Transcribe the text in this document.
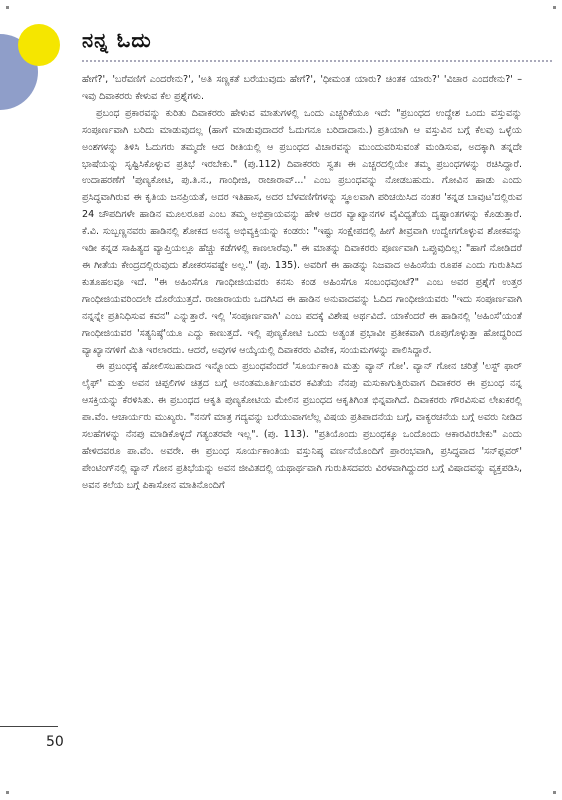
ನನ್ನ ಓದು

ಹೇಗೆ?', 'ಬರೆವಣಿಗೆ ಎಂದರೇನು?', 'ಅತಿ ಸಣ್ಣಕತೆ ಬರೆಯುವುದು ಹೇಗೆ?', 'ಧೀಮಂತ ಯಾರು? ಚಿಂತಕ ಯಾರು?' 'ವಿಚಾರ ಎಂದರೇನು?' – ಇವು ದಿವಾಕರರು ಕೇಳುವ ಕೆಲ ಪ್ರಶ್ನೆಗಳು.

ಪ್ರಬಂಧ ಪ್ರಕಾರವನ್ನು ಕುರಿತು ದಿವಾಕರರು ಹೇಳುವ ಮಾತುಗಳಲ್ಲಿ ಒಂದು ಎಚ್ಚರಿಕೆಯೂ ಇದೆ: "ಪ್ರಬಂಧದ ಉದ್ದೇಶ ಒಂದು ವಸ್ತುವನ್ನು ಸಂಪೂರ್ಣವಾಗಿ ಬರಿದು ಮಾಡುವುದಲ್ಲ (ಹಾಗೆ ಮಾಡುವುದಾದರೆ ಓದುಗನೂ ಬರಿದಾದಾನು.) ಪ್ರತಿಯಾಗಿ ಆ ವಸ್ತುವಿನ ಬಗ್ಗೆ ಕೆಲವು ಒಳ್ಳೆಯ ಅಂಶಗಳನ್ನು ತಿಳಿಸಿ ಓದುಗರು ತಮ್ಮದೇ ಆದ ರೀತಿಯಲ್ಲಿ ಆ ಪ್ರಬಂಧದ ವಿಚಾರವನ್ನು ಮುಂದುವರಿಸುವಂತೆ ಮಂಡಿಸುವ, ಅದಕ್ಕಾಗಿ ತನ್ನದೇ ಭಾಷೆಯನ್ನು ಸೃಷ್ಟಿಸಿಕೊಳ್ಳುವ ಪ್ರತಿಭೆ ಇರಬೇಕು." (ಪು.112) ದಿವಾಕರರು ಸ್ವತಃ ಈ ಎಚ್ಚರದಲ್ಲಿಯೇ ತಮ್ಮ ಪ್ರಬಂಧಗಳನ್ನು ರಚಿಸಿದ್ದಾರೆ. ಉದಾಹರಣೆಗೆ 'ಪುಣ್ಯಕೋಟಿ, ಪು.ತಿ.ನ., ಗಾಂಧೀಜಿ, ರಾಜಾರಾವ್...' ಎಂಬ ಪ್ರಬಂಧವನ್ನು ನೋಡಬಹುದು. ಗೋವಿನ ಹಾಡು ಎಂದು ಪ್ರಸಿದ್ಧವಾಗಿರುವ ಈ ಕೃತಿಯ ಜನಪ್ರಿಯತೆ, ಅದರ ಇತಿಹಾಸ, ಅದರ ಬೆಳವಣಿಗೆಗಳನ್ನು ಸ್ಥೂಲವಾಗಿ ಪರಿಚಯಿಸಿದ ನಂತರ 'ಕನ್ನಡ ಬಾವುಟ'ದಲ್ಲಿರುವ 24 ಚೌಪದಿಗಳೇ ಹಾಡಿನ ಮೂಲರೂಪ ಎಂಬ ತಮ್ಮ ಅಭಿಪ್ರಾಯವನ್ನು ಹೇಳಿ ಅದರ ವ್ಯಾಖ್ಯಾನಗಳ ವೈವಿಧ್ಯತೆಯ ದೃಷ್ಟಾಂತಗಳನ್ನು ಕೊಡುತ್ತಾರೆ. ಕೆ.ವಿ. ಸುಬ್ಬಣ್ಣನವರು ಹಾಡಿನಲ್ಲಿ ಶೋಕದ ಅನನ್ಯ ಅಭಿವ್ಯಕ್ತಿಯನ್ನು ಕಂಡರು: "ಇಷ್ಟು ಸಂಕ್ಷೇಪದಲ್ಲಿ ಹೀಗೆ ತೀವ್ರವಾಗಿ ಉದ್ವೇಗಗೊಳ್ಳುವ ಶೋಕವನ್ನು ಇಡೀ ಕನ್ನಡ ಸಾಹಿತ್ಯದ ವ್ಯಾಪ್ತಿಯಲ್ಲೂ ಹೆಚ್ಚು ಕಡೆಗಳಲ್ಲಿ ಕಾಣಲಾರೆವು." ಈ ಮಾತನ್ನು ದಿವಾಕರರು ಪೂರ್ಣವಾಗಿ ಒಪ್ಪುವುದಿಲ್ಲ: "ಹಾಗೆ ನೋಡಿದರೆ ಈ ಗೀತೆಯ ಕೇಂದ್ರದಲ್ಲಿರುವುದು ಶೋಕರಸವಷ್ಟೇ ಅಲ್ಲ." (ಪು. 135). ಅವರಿಗೆ ಈ ಹಾಡನ್ನು ನಿಜವಾದ ಅಹಿಂಸೆಯ ರೂಪಕ ಎಂದು ಗುರುತಿಸಿದ ಕುತೂಹಲವೂ ಇದೆ. "ಈ ಅಹಿಂಸೆಗೂ ಗಾಂಧೀಜಿಯವರು ಕನಸು ಕಂಡ ಅಹಿಂಸೆಗೂ ಸಂಬಂಧವುಂಟೆ?" ಎಂಬ ಅವರ ಪ್ರಶ್ನೆಗೆ ಉತ್ತರ ಗಾಂಧೀಜಿಯವರಿಂದಲೇ ದೊರೆಯುತ್ತದೆ. ರಾಜಾರಾಯರು ಒದಗಿಸಿದ ಈ ಹಾಡಿನ ಅನುವಾದವನ್ನು ಓದಿದ ಗಾಂಧೀಜಿಯವರು "ಇದು ಸಂಪೂರ್ಣವಾಗಿ ನನ್ನನ್ನೇ ಪ್ರತಿನಿಧಿಸುವ ಕವನ" ಎನ್ನುತ್ತಾರೆ. ಇಲ್ಲಿ 'ಸಂಪೂರ್ಣವಾಗಿ' ಎಂಬ ಪದಕ್ಕೆ ವಿಶೇಷ ಅರ್ಥವಿದೆ. ಯಾಕೆಂದರೆ ಈ ಹಾಡಿನಲ್ಲಿ 'ಅಹಿಂಸೆ'ಯಂತೆ ಗಾಂಧೀಜಿಯವರ 'ಸತ್ಯನಿಷ್ಠೆ'ಯೂ ಎದ್ದು ಕಾಣುತ್ತದೆ. ಇಲ್ಲಿ ಪುಣ್ಯಕೋಟಿ ಒಂದು ಅತ್ಯಂತ ಪ್ರಭಾವೀ ಪ್ರತೀಕವಾಗಿ ರೂಪುಗೊಳ್ಳುತ್ತಾ ಹೋದ್ದರಿಂದ ವ್ಯಾಖ್ಯಾನಗಳಿಗೆ ಮಿತಿ ಇರಲಾರದು. ಆದರೆ, ಅವುಗಳ ಆಯ್ಕೆಯಲ್ಲಿ ದಿವಾಕರರು ವಿವೇಕ, ಸಂಯಮಗಳನ್ನು ಪಾಲಿಸಿದ್ದಾರೆ.

ಈ ಪ್ರಬಂಧಕ್ಕೆ ಹೋಲಿಸಬಹುದಾದ ಇನ್ನೊಂದು ಪ್ರಬಂಧವೆಂದರೆ 'ಸೂರ್ಯಕಾಂತಿ ಮತ್ತು ವ್ಯಾನ್ ಗೋ'. ವ್ಯಾನ್ ಗೋನ ಚರಿತ್ರೆ 'ಲಸ್ಟ್ ಫಾರ್ ಲೈಫ್' ಮತ್ತು ಅವನ ಚಿಪ್ಪಲಿಗಳ ಚಿತ್ರದ ಬಗ್ಗೆ ಅನಂತಮೂರ್ತಿಯವರ ಕವಿತೆಯ ನೆನಪು ಮಸುಕಾಗುತ್ತಿರುವಾಗ ದಿವಾಕರರ ಈ ಪ್ರಬಂಧ ನನ್ನ ಆಸಕ್ತಿಯನ್ನು ಕೆರಳಿಸಿತು. ಈ ಪ್ರಬಂಧದ ಆಕೃತಿ ಪುಣ್ಯಕೋಟಿಯ ಮೇಲಿನ ಪ್ರಬಂಧದ ಆಕೃತಿಗಿಂತ ಭಿನ್ನವಾಗಿದೆ. ದಿವಾಕರರು ಗೌರವಿಸುವ ಲೇಖಕರಲ್ಲಿ ಪಾ.ವೆಂ. ಆಚಾರ್ಯರು ಮುಖ್ಯರು. "ನನಗೆ ಮಾತ್ರ ಗದ್ಯವನ್ನು ಬರೆಯುವಾಗಲೆಲ್ಲ ವಿಷಯ ಪ್ರತಿಪಾದನೆಯ ಬಗ್ಗೆ, ವಾಕ್ಯರಚನೆಯ ಬಗ್ಗೆ ಅವರು ನೀಡಿದ ಸಲಹೆಗಳನ್ನು ನೆನಪು ಮಾಡಿಕೊಳ್ಳದೆ ಗತ್ಯಂತರವೇ ಇಲ್ಲ". (ಪು. 113). "ಪ್ರತಿಯೊಂದು ಪ್ರಬಂಧಕ್ಕೂ ಒಂದೊಂದು ಆಕಾರವಿರಬೇಕು" ಎಂದು ಹೇಳಿದವರೂ ಪಾ.ವೆಂ. ಅವರೇ. ಈ ಪ್ರಬಂಧ ಸೂರ್ಯಕಾಂತಿಯ ವಸ್ತುನಿಷ್ಠ ವರ್ಣನೆಯೊಂದಿಗೆ ಪ್ರಾರಂಭವಾಗಿ, ಪ್ರಸಿದ್ಧವಾದ 'ಸನ್‌ಫ್ಲವರ್' ಪೇಂಟಿಂಗ್‌ನಲ್ಲಿ ವ್ಯಾನ್ ಗೋನ ಪ್ರತಿಭೆಯನ್ನು ಅವನ ಜೀವಿತದಲ್ಲಿ ಯಥಾರ್ಥವಾಗಿ ಗುರುತಿಸದವರು ವಿರಳವಾಗಿದ್ದುದರ ಬಗ್ಗೆ ವಿಷಾದವನ್ನು ವ್ಯಕ್ತಪಡಿಸಿ, ಅವನ ಕಲೆಯ ಬಗ್ಗೆ ಪಿಕಾಸೋನ ಮಾತಿನೊಂದಿಗೆ

50
